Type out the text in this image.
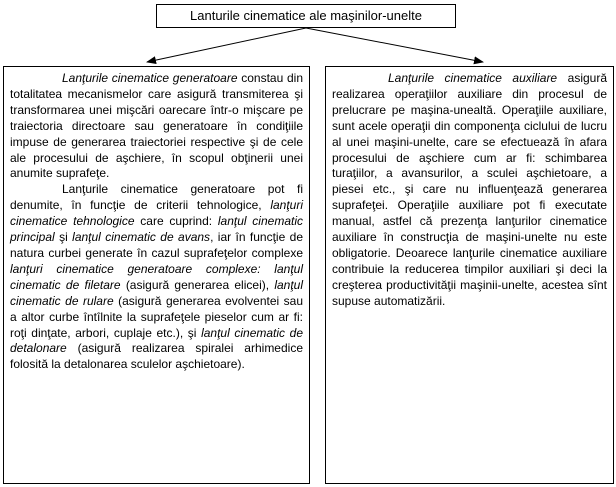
Lanturile cinematice ale maşinilor-unelte

Lanţurile cinematice generatoare constau din totalitatea mecanismelor care asigură transmiterea şi transformarea unei mişcări oarecare într-o mişcare pe traiectoria directoare sau generatoare în condiţiile impuse de generarea traiectoriei respective şi de cele ale procesului de aşchiere, în scopul obţinerii unei anumite suprafeţe.

Lanţurile cinematice generatoare pot fi denumite, în funcţie de criterii tehnologice, lanţuri cinematice tehnologice care cuprind: lanţul cinematic principal şi lanţul cinematic de avans, iar în funcţie de natura curbei generate în cazul suprafeţelor complexe lanţuri cinematice generatoare complexe: lanţul cinematic de filetare (asigură generarea elicei), lanţul cinematic de rulare (asigură generarea evolventei sau a altor curbe întîlnite la suprafeţele pieselor cum ar fi: roţi dinţate, arbori, cuplaje etc.), şi lanţul cinematic de detalonare (asigură realizarea spiralei arhimedice folosită la detalonarea sculelor aşchietoare).

Lanţurile cinematice auxiliare asigură realizarea operaţiilor auxiliare din procesul de prelucrare pe maşina-unealtă. Operaţiile auxiliare, sunt acele operaţii din componenţa ciclului de lucru al unei maşini-unelte, care se efectuează în afara procesului de aşchiere cum ar fi: schimbarea turaţiilor, a avansurilor, a sculei aşchietoare, a piesei etc., şi care nu influenţează generarea suprafeţei. Operaţiile auxiliare pot fi executate manual, astfel că prezenţa lanţurilor cinematice auxiliare în construcţia de maşini-unelte nu este obligatorie. Deoarece lanţurile cinematice auxiliare contribuie la reducerea timpilor auxiliari şi deci la creşterea productivităţii maşinii-unelte, acestea sînt supuse automatizării.
